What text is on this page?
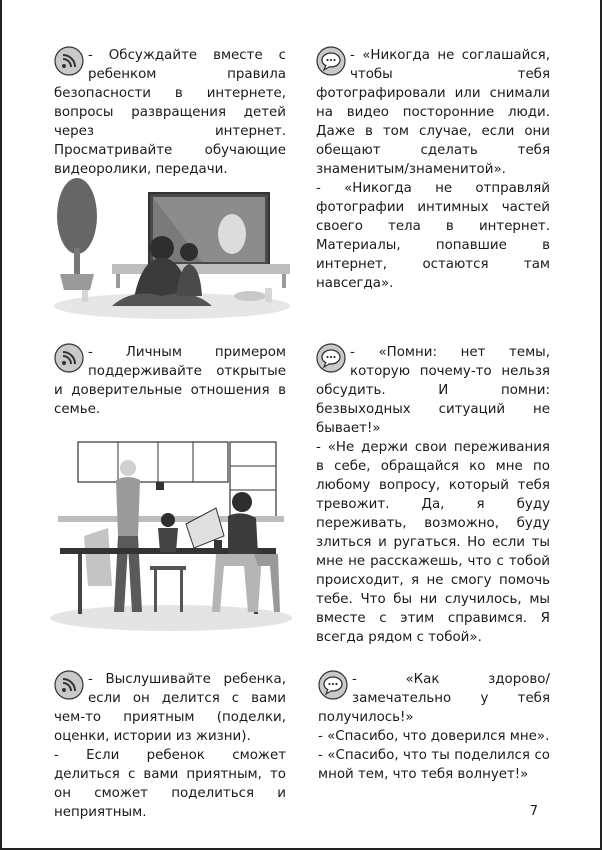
- Обсуждайте вместе с ребенком правила безопасности в интернете, вопросы развращения детей через интернет. Просматривайте обучающие видеоролики, передачи.

- «Никогда не соглашайся, чтобы тебя фотографировали или снимали на видео посторонние люди. Даже в том случае, если они обещают сделать тебя знаменитым/знаменитой».

- «Никогда не отправляй фотографии интимных частей своего тела в интернет. Материалы, попавшие в интернет, остаются там навсегда».

- Личным примером поддерживайте открытые и доверительные отношения в семье.

- «Помни: нет темы, которую почему-то нельзя обсудить. И помни: безвыходных ситуаций не бывает!»

- «Не держи свои переживания в себе, обращайся ко мне по любому вопросу, который тебя тревожит. Да, я буду переживать, возможно, буду злиться и ругаться. Но если ты мне не расскажешь, что с тобой происходит, я не смогу помочь тебе. Что бы ни случилось, мы вместе с этим справимся. Я всегда рядом с тобой».

- Выслушивайте ребенка, если он делится с вами чем-то приятным (поделки, оценки, истории из жизни).

- Если ребенок сможет делиться с вами приятным, то он сможет поделиться и неприятным.

- «Как здорово/замечательно у тебя получилось!»

- «Спасибо, что доверился мне».

- «Спасибо, что ты поделился со мной тем, что тебя волнует!»

7
